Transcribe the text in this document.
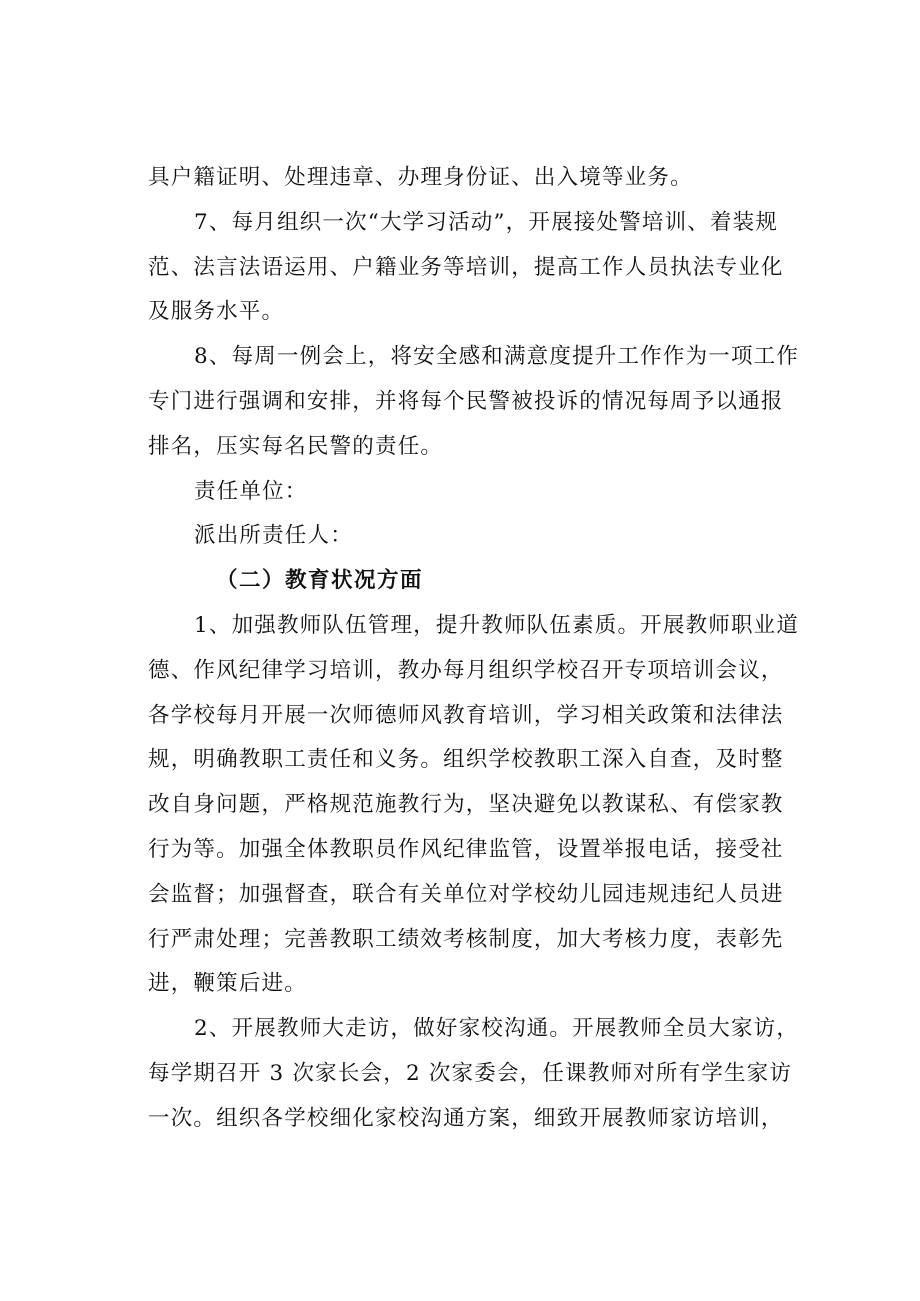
具户籍证明、处理违章、办理身份证、出入境等业务。

7、每月组织一次“大学习活动”，开展接处警培训、着装规
范、法言法语运用、户籍业务等培训，提高工作人员执法专业化
及服务水平。

8、每周一例会上，将安全感和满意度提升工作作为一项工作
专门进行强调和安排，并将每个民警被投诉的情况每周予以通报
排名，压实每名民警的责任。

责任单位：

派出所责任人：

（二）教育状况方面

1、加强教师队伍管理，提升教师队伍素质。开展教师职业道
德、作风纪律学习培训，教办每月组织学校召开专项培训会议，
各学校每月开展一次师德师风教育培训，学习相关政策和法律法
规，明确教职工责任和义务。组织学校教职工深入自查，及时整
改自身问题，严格规范施教行为，坚决避免以教谋私、有偿家教
行为等。加强全体教职员作风纪律监管，设置举报电话，接受社
会监督；加强督查，联合有关单位对学校幼儿园违规违纪人员进
行严肃处理；完善教职工绩效考核制度，加大考核力度，表彰先
进，鞭策后进。

2、开展教师大走访，做好家校沟通。开展教师全员大家访，
每学期召开 3 次家长会，2 次家委会，任课教师对所有学生家访
一次。组织各学校细化家校沟通方案，细致开展教师家访培训，
